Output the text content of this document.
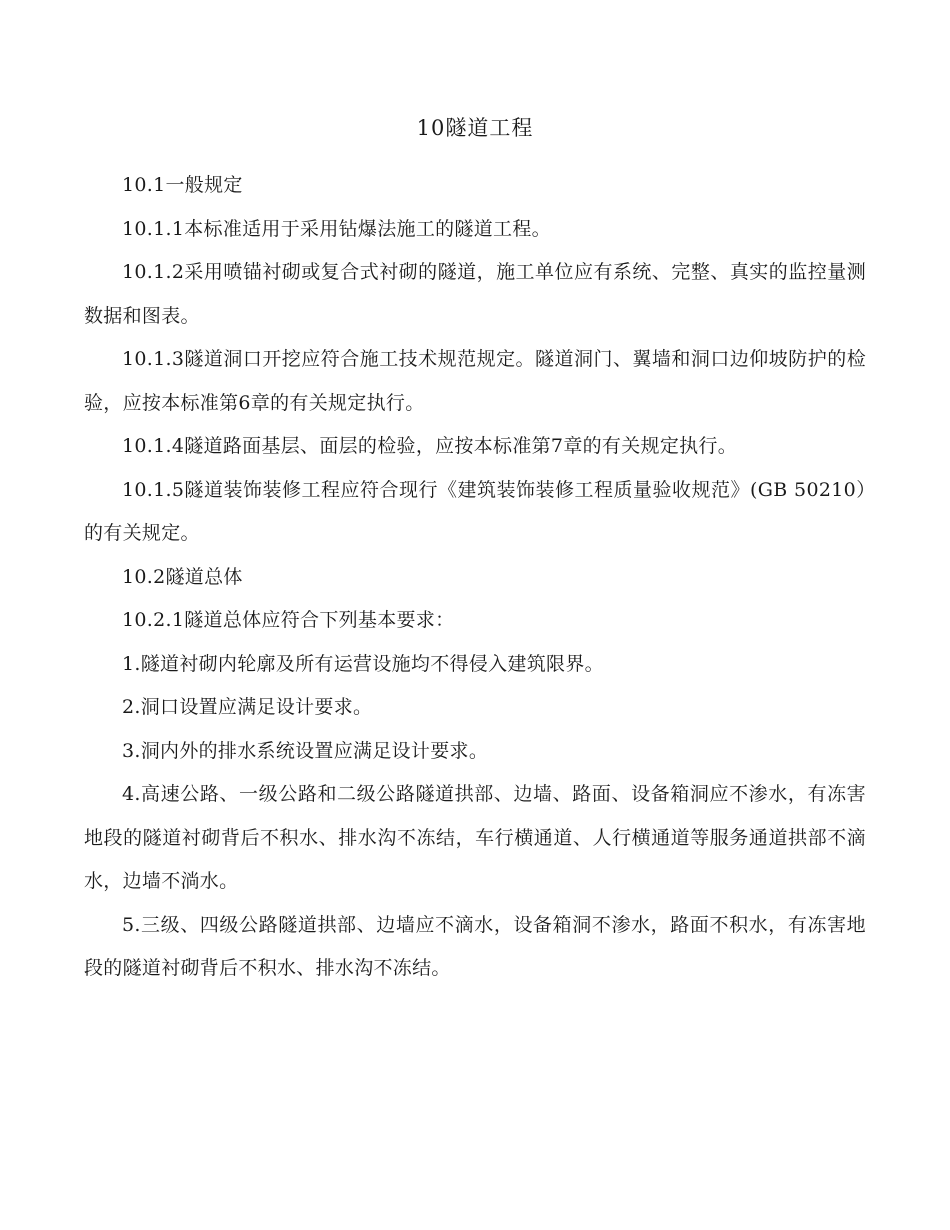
10隧道工程

10.1一般规定

10.1.1本标准适用于采用钻爆法施工的隧道工程。

10.1.2采用喷锚衬砌或复合式衬砌的隧道，施工单位应有系统、完整、真实的监控量测数据和图表。

10.1.3隧道洞口开挖应符合施工技术规范规定。隧道洞门、翼墙和洞口边仰坡防护的检验，应按本标准第6章的有关规定执行。

10.1.4隧道路面基层、面层的检验，应按本标准第7章的有关规定执行。

10.1.5隧道装饰装修工程应符合现行《建筑装饰装修工程质量验收规范》(GB 50210）的有关规定。

10.2隧道总体

10.2.1隧道总体应符合下列基本要求：

1.隧道衬砌内轮廓及所有运营设施均不得侵入建筑限界。

2.洞口设置应满足设计要求。

3.洞内外的排水系统设置应满足设计要求。

4.高速公路、一级公路和二级公路隧道拱部、边墙、路面、设备箱洞应不渗水，有冻害地段的隧道衬砌背后不积水、排水沟不冻结，车行横通道、人行横通道等服务通道拱部不滴水，边墙不淌水。

5.三级、四级公路隧道拱部、边墙应不滴水，设备箱洞不渗水，路面不积水，有冻害地段的隧道衬砌背后不积水、排水沟不冻结。
